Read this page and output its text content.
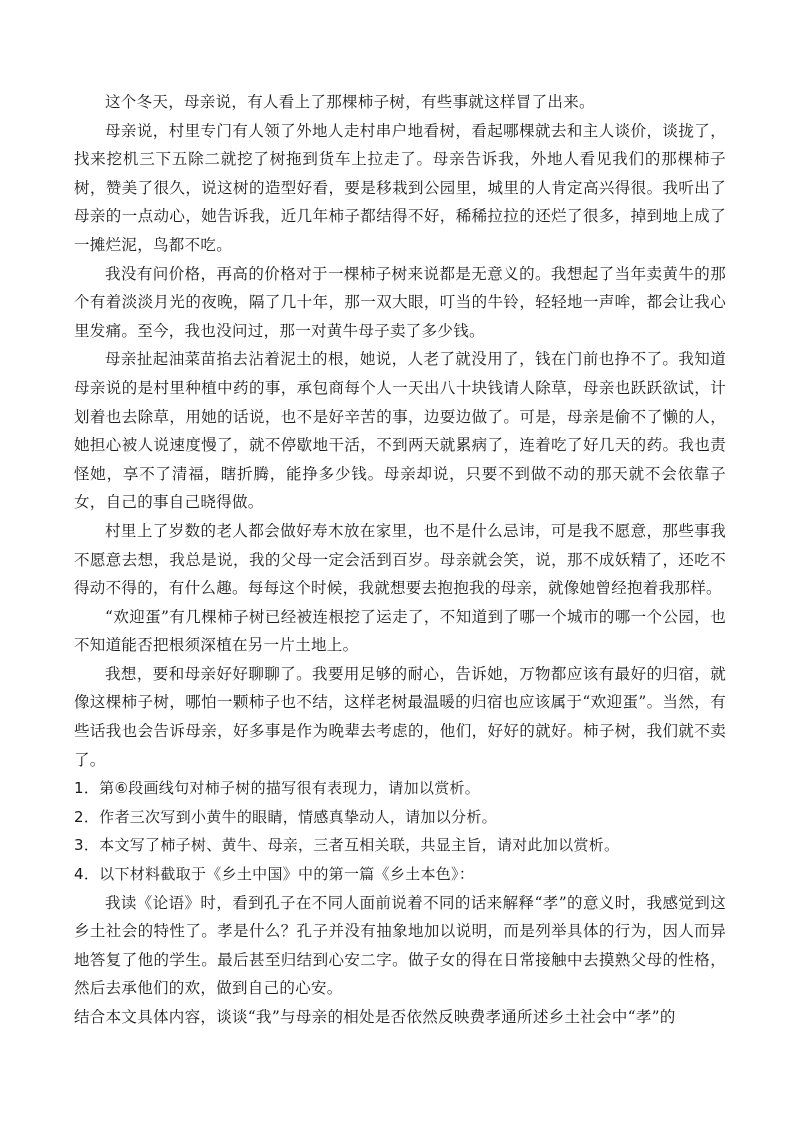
这个冬天，母亲说，有人看上了那棵柿子树，有些事就这样冒了出来。

母亲说，村里专门有人领了外地人走村串户地看树，看起哪棵就去和主人谈价，谈拢了，找来挖机三下五除二就挖了树拖到货车上拉走了。母亲告诉我，外地人看见我们的那棵柿子树，赞美了很久，说这树的造型好看，要是移栽到公园里，城里的人肯定高兴得很。我听出了母亲的一点动心，她告诉我，近几年柿子都结得不好，稀稀拉拉的还烂了很多，掉到地上成了一摊烂泥，鸟都不吃。

我没有问价格，再高的价格对于一棵柿子树来说都是无意义的。我想起了当年卖黄牛的那个有着淡淡月光的夜晚，隔了几十年，那一双大眼，叮当的牛铃，轻轻地一声哞，都会让我心里发痛。至今，我也没问过，那一对黄牛母子卖了多少钱。

母亲扯起油菜苗掐去沾着泥土的根，她说，人老了就没用了，钱在门前也挣不了。我知道母亲说的是村里种植中药的事，承包商每个人一天出八十块钱请人除草，母亲也跃跃欲试，计划着也去除草，用她的话说，也不是好辛苦的事，边耍边做了。可是，母亲是偷不了懒的人，她担心被人说速度慢了，就不停歇地干活，不到两天就累病了，连着吃了好几天的药。我也责怪她，享不了清福，瞎折腾，能挣多少钱。母亲却说，只要不到做不动的那天就不会依靠子女，自己的事自己晓得做。

村里上了岁数的老人都会做好寿木放在家里，也不是什么忌讳，可是我不愿意，那些事我不愿意去想，我总是说，我的父母一定会活到百岁。母亲就会笑，说，那不成妖精了，还吃不得动不得的，有什么趣。每每这个时候，我就想要去抱抱我的母亲，就像她曾经抱着我那样。

“欢迎蛋”有几棵柿子树已经被连根挖了运走了，不知道到了哪一个城市的哪一个公园，也不知道能否把根须深植在另一片土地上。

我想，要和母亲好好聊聊了。我要用足够的耐心，告诉她，万物都应该有最好的归宿，就像这棵柿子树，哪怕一颗柿子也不结，这样老树最温暖的归宿也应该属于“欢迎蛋”。当然，有些话我也会告诉母亲，好多事是作为晚辈去考虑的，他们，好好的就好。柿子树，我们就不卖了。

1．第⑥段画线句对柿子树的描写很有表现力，请加以赏析。

2．作者三次写到小黄牛的眼睛，情感真挚动人，请加以分析。

3．本文写了柿子树、黄牛、母亲，三者互相关联，共显主旨，请对此加以赏析。

4．以下材料截取于《乡土中国》中的第一篇《乡土本色》：

我读《论语》时，看到孔子在不同人面前说着不同的话来解释“孝”的意义时，我感觉到这乡土社会的特性了。孝是什么？孔子并没有抽象地加以说明，而是列举具体的行为，因人而异地答复了他的学生。最后甚至归结到心安二字。做子女的得在日常接触中去摸熟父母的性格，然后去承他们的欢，做到自己的心安。

结合本文具体内容，谈谈“我”与母亲的相处是否依然反映费孝通所述乡土社会中“孝”的
